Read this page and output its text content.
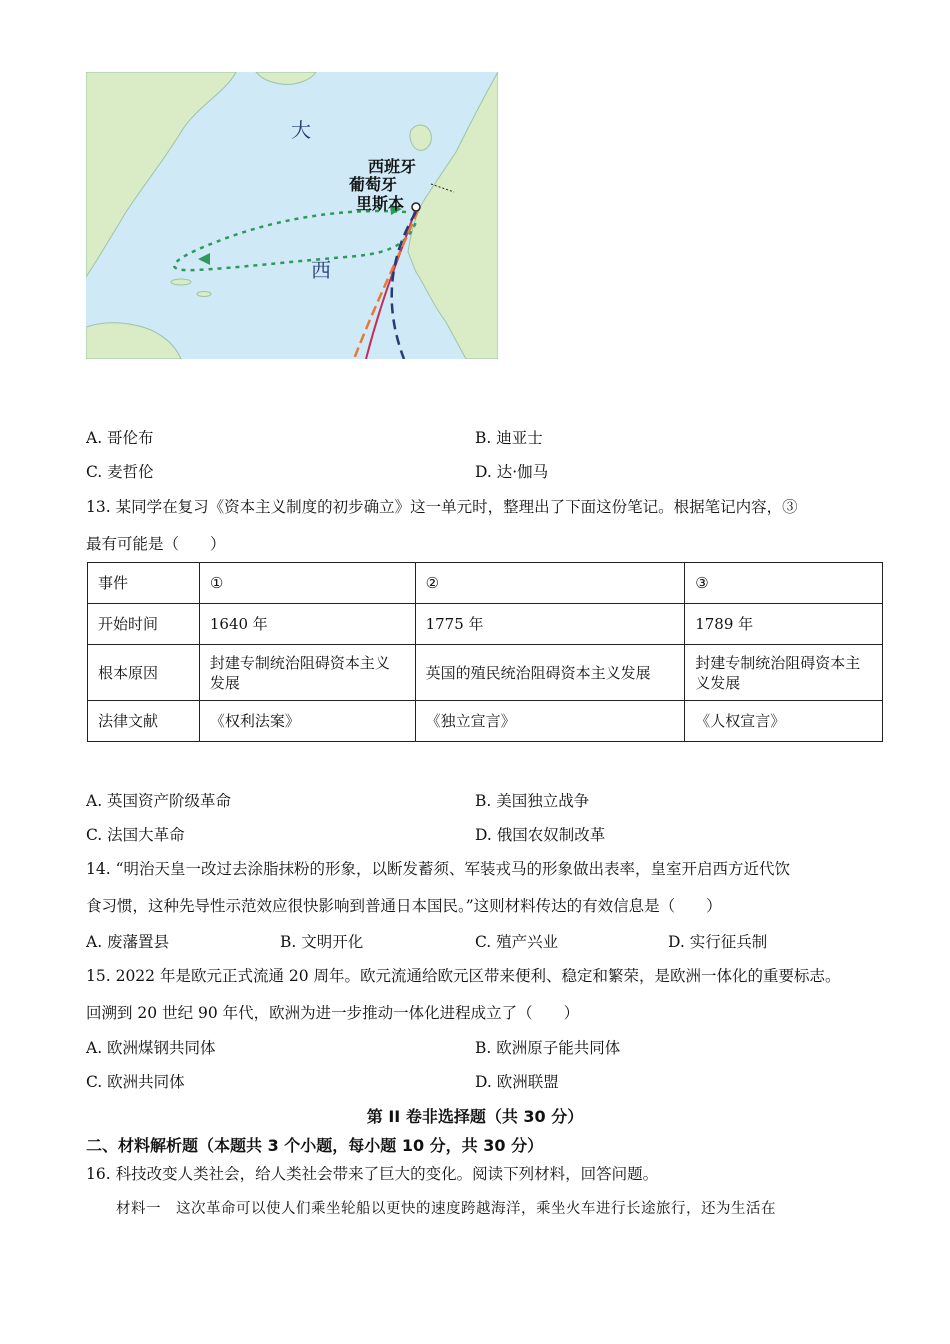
大
西
西班牙
葡萄牙
里斯本
A. 哥伦布	B. 迪亚士
C. 麦哲伦	D. 达·伽马
13. 某同学在复习《资本主义制度的初步确立》这一单元时，整理出了下面这份笔记。根据笔记内容，③
最有可能是（　　）
事件	①	②	③
开始时间	1640 年	1775 年	1789 年
根本原因	封建专制统治阻碍资本主义发展	英国的殖民统治阻碍资本主义发展	封建专制统治阻碍资本主义发展
法律文献	《权利法案》	《独立宣言》	《人权宣言》
A. 英国资产阶级革命	B. 美国独立战争
C. 法国大革命	D. 俄国农奴制改革
14. “明治天皇一改过去涂脂抹粉的形象，以断发蓄须、军装戎马的形象做出表率，皇室开启西方近代饮
食习惯，这种先导性示范效应很快影响到普通日本国民。”这则材料传达的有效信息是（　　）
A. 废藩置县	B. 文明开化	C. 殖产兴业	D. 实行征兵制
15. 2022 年是欧元正式流通 20 周年。欧元流通给欧元区带来便利、稳定和繁荣，是欧洲一体化的重要标志。
回溯到 20 世纪 90 年代，欧洲为进一步推动一体化进程成立了（　　）
A. 欧洲煤钢共同体	B. 欧洲原子能共同体
C. 欧洲共同体	D. 欧洲联盟
第 II 卷非选择题（共 30 分）
二、材料解析题（本题共 3 个小题，每小题 10 分，共 30 分）
16. 科技改变人类社会，给人类社会带来了巨大的变化。阅读下列材料，回答问题。
材料一　这次革命可以使人们乘坐轮船以更快的速度跨越海洋，乘坐火车进行长途旅行，还为生活在
